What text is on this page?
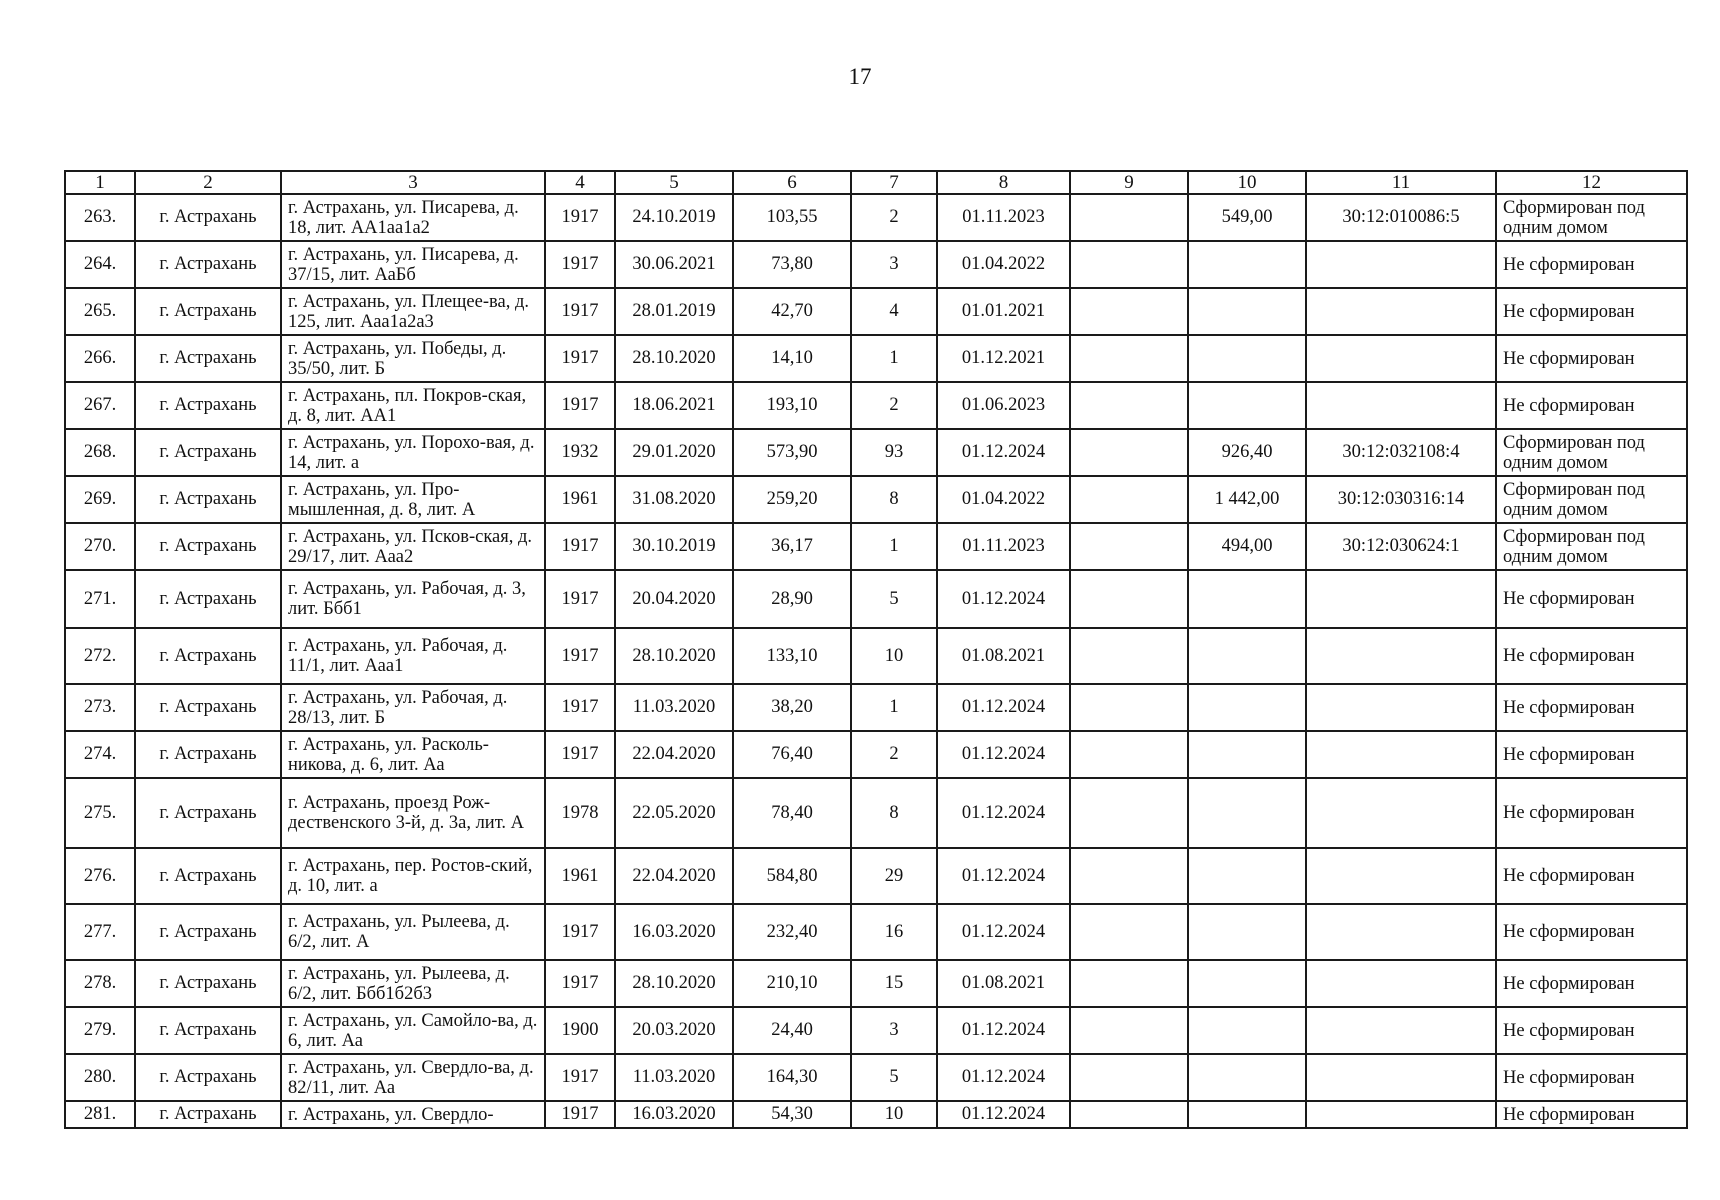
17
1	2	3	4	5	6	7	8	9	10	11	12
263.	г. Астрахань	г. Астрахань, ул. Писарева, д. 18, лит. АА1аа1а2	1917	24.10.2019	103,55	2	01.11.2023		549,00	30:12:010086:5	Сформирован под одним домом
264.	г. Астрахань	г. Астрахань, ул. Писарева, д. 37/15, лит. АаБб	1917	30.06.2021	73,80	3	01.04.2022				Не сформирован
265.	г. Астрахань	г. Астрахань, ул. Плещее-ва, д. 125, лит. Ааа1а2а3	1917	28.01.2019	42,70	4	01.01.2021				Не сформирован
266.	г. Астрахань	г. Астрахань, ул. Победы, д. 35/50, лит. Б	1917	28.10.2020	14,10	1	01.12.2021				Не сформирован
267.	г. Астрахань	г. Астрахань, пл. Покров-ская, д. 8, лит. АА1	1917	18.06.2021	193,10	2	01.06.2023				Не сформирован
268.	г. Астрахань	г. Астрахань, ул. Порохо-вая, д. 14, лит. а	1932	29.01.2020	573,90	93	01.12.2024		926,40	30:12:032108:4	Сформирован под одним домом
269.	г. Астрахань	г. Астрахань, ул. Про-мышленная, д. 8, лит. А	1961	31.08.2020	259,20	8	01.04.2022		1 442,00	30:12:030316:14	Сформирован под одним домом
270.	г. Астрахань	г. Астрахань, ул. Псков-ская, д. 29/17, лит. Ааа2	1917	30.10.2019	36,17	1	01.11.2023		494,00	30:12:030624:1	Сформирован под одним домом
271.	г. Астрахань	г. Астрахань, ул. Рабочая, д. 3, лит. Ббб1	1917	20.04.2020	28,90	5	01.12.2024				Не сформирован
272.	г. Астрахань	г. Астрахань, ул. Рабочая, д. 11/1, лит. Ааа1	1917	28.10.2020	133,10	10	01.08.2021				Не сформирован
273.	г. Астрахань	г. Астрахань, ул. Рабочая, д. 28/13, лит. Б	1917	11.03.2020	38,20	1	01.12.2024				Не сформирован
274.	г. Астрахань	г. Астрахань, ул. Расколь-никова, д. 6, лит. Аа	1917	22.04.2020	76,40	2	01.12.2024				Не сформирован
275.	г. Астрахань	г. Астрахань, проезд Рож-дественского 3-й, д. 3а, лит. А	1978	22.05.2020	78,40	8	01.12.2024				Не сформирован
276.	г. Астрахань	г. Астрахань, пер. Ростов-ский, д. 10, лит. а	1961	22.04.2020	584,80	29	01.12.2024				Не сформирован
277.	г. Астрахань	г. Астрахань, ул. Рылеева, д. 6/2, лит. А	1917	16.03.2020	232,40	16	01.12.2024				Не сформирован
278.	г. Астрахань	г. Астрахань, ул. Рылеева, д. 6/2, лит. Ббб1б2б3	1917	28.10.2020	210,10	15	01.08.2021				Не сформирован
279.	г. Астрахань	г. Астрахань, ул. Самойло-ва, д. 6, лит. Аа	1900	20.03.2020	24,40	3	01.12.2024				Не сформирован
280.	г. Астрахань	г. Астрахань, ул. Свердло-ва, д. 82/11, лит. Аа	1917	11.03.2020	164,30	5	01.12.2024				Не сформирован
281.	г. Астрахань	г. Астрахань, ул. Свердло-	1917	16.03.2020	54,30	10	01.12.2024				Не сформирован
